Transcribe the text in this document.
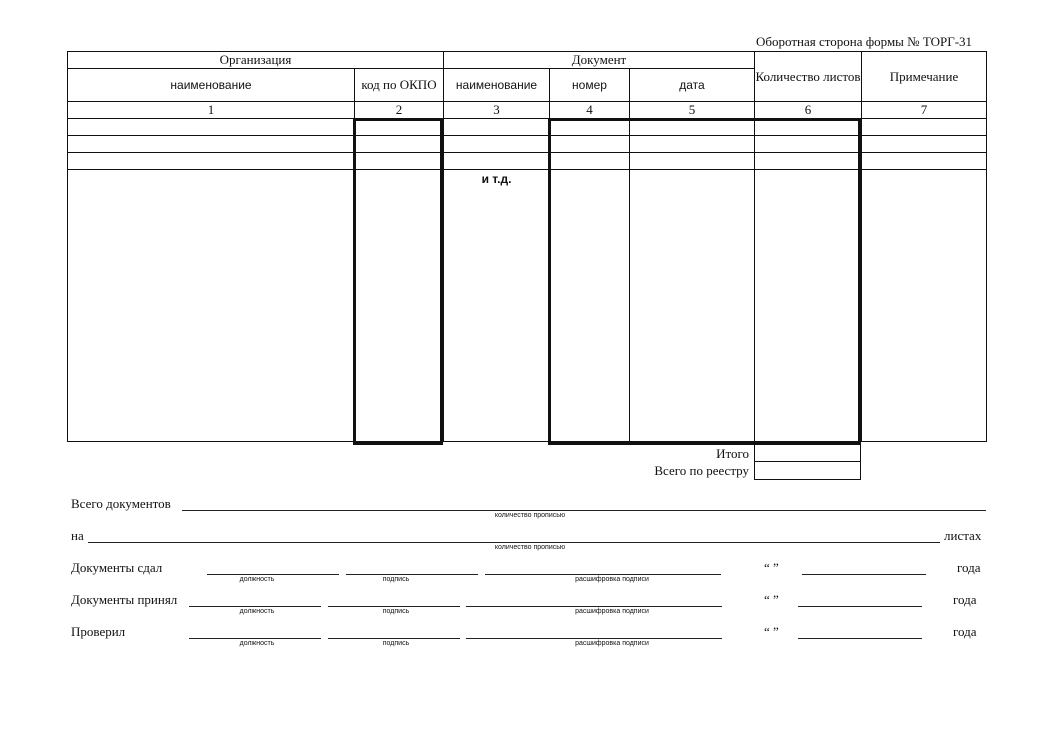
Оборотная сторона формы № ТОРГ-31
Организация		Документ			Количество листов	Примечание
наименование	код по ОКПО	наименование	номер	дата		
1	2	3	4	5	6	7

		и т.д.				

Итого
Всего по реестру
Всего документов
количество прописью
на	листах
количество прописью
Документы сдал
должность	подпись	расшифровка подписи
“ ”	года
Документы принял
должность	подпись	расшифровка подписи
“ ”	года
Проверил
должность	подпись	расшифровка подписи
“ ”	года
